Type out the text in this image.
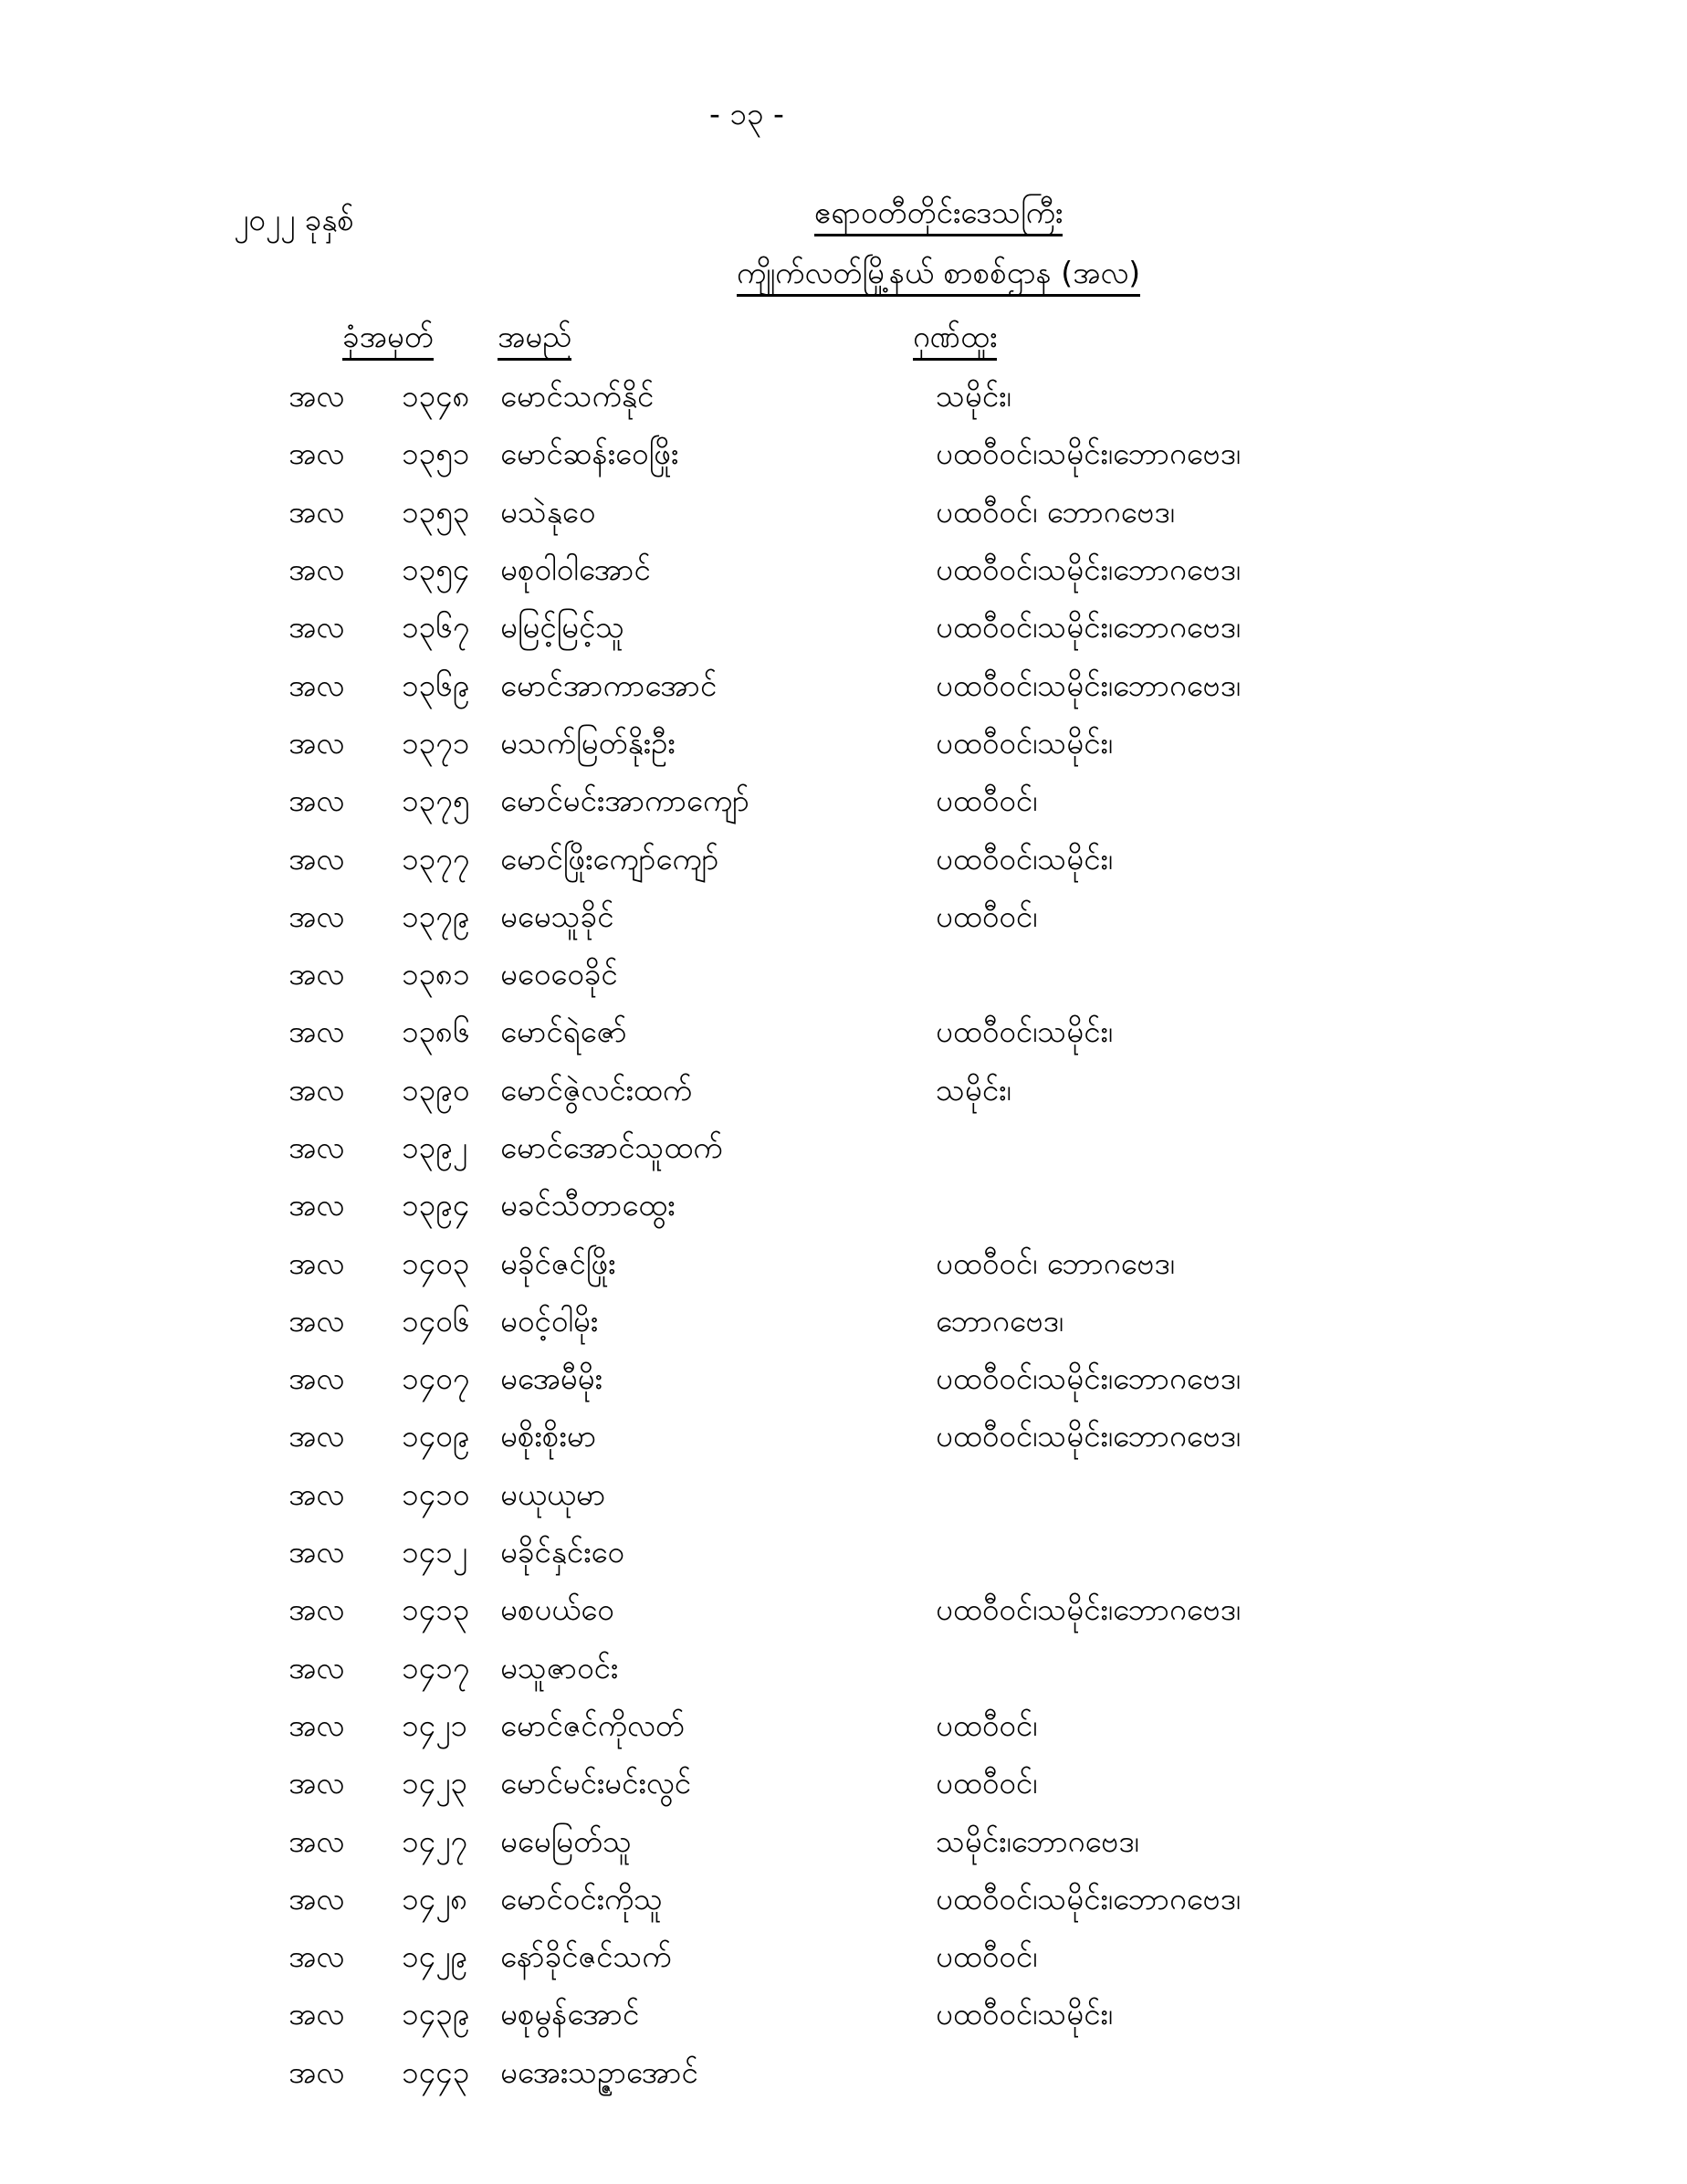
- ၁၃ -
၂၀၂၂ ခုနှစ်	ဧရာဝတီတိုင်းဒေသကြီး
ကျိုက်လတ်မြို့နယ် စာစစ်ဌာန (အလ)
ခုံအမှတ် အမည်	ဂုဏ်ထူး
အလ	၁၃၄၈	မောင်သက်နိုင်	သမိုင်း၊
အလ	၁၃၅၁	မောင်ဆန်းဝေဖြိုး	ပထဝီဝင်၊သမိုင်း၊ဘောဂဗေဒ၊
အလ	၁၃၅၃	မသဲနုဝေ	ပထဝီဝင်၊ ဘောဂဗေဒ၊
အလ	၁၃၅၄	မစုဝါဝါအောင်	ပထဝီဝင်၊သမိုင်း၊ဘောဂဗေဒ၊
အလ	၁၃၆၇	မမြင့်မြင့်သူ	ပထဝီဝင်၊သမိုင်း၊ဘောဂဗေဒ၊
အလ	၁၃၆၉	မောင်အာကာအောင်	ပထဝီဝင်၊သမိုင်း၊ဘောဂဗေဒ၊
အလ	၁၃၇၁	မသက်မြတ်နိုးဦး	ပထဝီဝင်၊သမိုင်း၊
အလ	၁၃၇၅	မောင်မင်းအာကာကျော်	ပထဝီဝင်၊
အလ	၁၃၇၇	မောင်ဖြိုးကျော်ကျော်	ပထဝီဝင်၊သမိုင်း၊
အလ	၁၃၇၉	မမေသူခိုင်	ပထဝီဝင်၊
အလ	၁၃၈၁	မဝေဝေခိုင်
အလ	၁၃၈၆	မောင်ရဲဇော်	ပထဝီဝင်၊သမိုင်း၊
အလ	၁၃၉၀	မောင်ဇွဲလင်းထက်	သမိုင်း၊
အလ	၁၃၉၂	မောင်အောင်သူထက်
အလ	၁၃၉၄	မခင်သီတာထွေး
အလ	၁၄၀၃	မခိုင်ဇင်ဖြိုး	ပထဝီဝင်၊ ဘောဂဗေဒ၊
အလ	၁၄၀၆	မဝင့်ဝါမိုး	ဘောဂဗေဒ၊
အလ	၁၄၀၇	မအေမီမိုး	ပထဝီဝင်၊သမိုင်း၊ဘောဂဗေဒ၊
အလ	၁၄၀၉	မစိုးစိုးမာ	ပထဝီဝင်၊သမိုင်း၊ဘောဂဗေဒ၊
အလ	၁၄၁၀	မယုယုမာ
အလ	၁၄၁၂	မခိုင်နှင်းဝေ
အလ	၁၄၁၃	မစပယ်ဝေ	ပထဝီဝင်၊သမိုင်း၊ဘောဂဗေဒ၊
အလ	၁၄၁၇	မသူဇာဝင်း
အလ	၁၄၂၁	မောင်ဇင်ကိုလတ်	ပထဝီဝင်၊
အလ	၁၄၂၃	မောင်မင်းမင်းလွင်	ပထဝီဝင်၊
အလ	၁၄၂၇	မမေမြတ်သူ	သမိုင်း၊ဘောဂဗေဒ၊
အလ	၁၄၂၈	မောင်ဝင်းကိုသူ	ပထဝီဝင်၊သမိုင်း၊ဘောဂဗေဒ၊
အလ	၁၄၂၉	နော်ခိုင်ဇင်သက်	ပထဝီဝင်၊
အလ	၁၄၃၉	မစုမွန်အောင်	ပထဝီဝင်၊သမိုင်း၊
အလ	၁၄၄၃	မအေးသဉ္ဇာအောင်
